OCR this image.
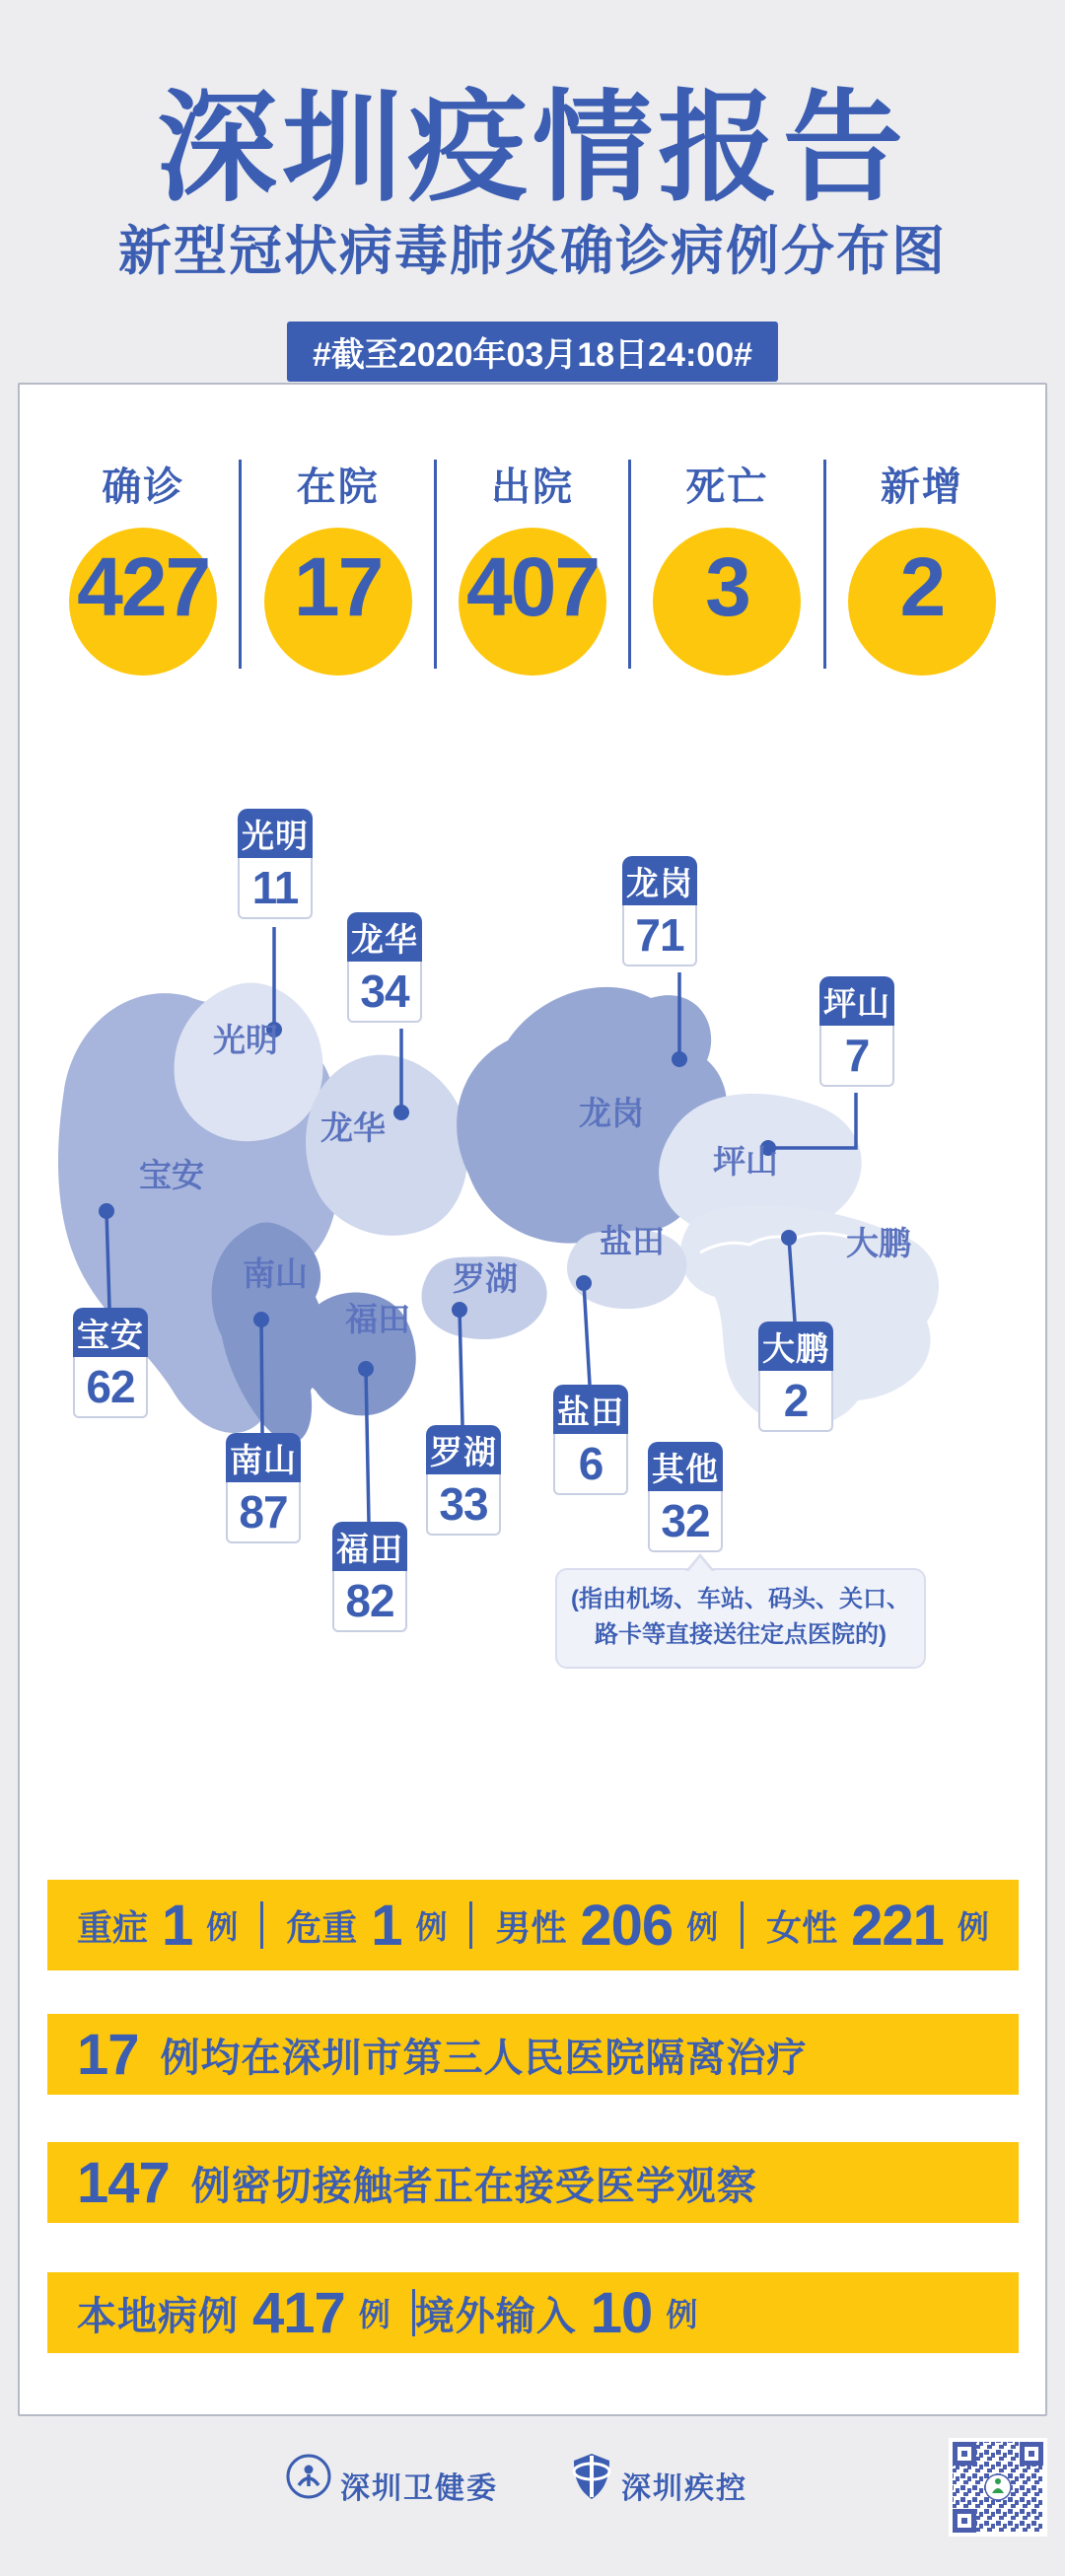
深圳疫情报告
新型冠状病毒肺炎确诊病例分布图
#截至2020年03月18日24:00#
确诊
427
在院
17
出院
407
死亡
3
新增
2
光明
宝安
龙华	龙岗
坪山
盐田	大鹏
罗湖
南山
福田
光明
11
龙华
34
龙岗
71
坪山
7
宝安
62
南山
87
福田
82
罗湖
33
盐田
6
大鹏
2
其他
32
(指由机场、车站、码头、关口、
路卡等直接送往定点医院的)
重症 1 例 危重 1 例 男性 206 例 女性 221 例
17 例均在深圳市第三人民医院隔离治疗
147 例密切接触者正在接受医学观察
本地病例 417 例 境外输入 10 例
深圳卫健委	深圳疾控
